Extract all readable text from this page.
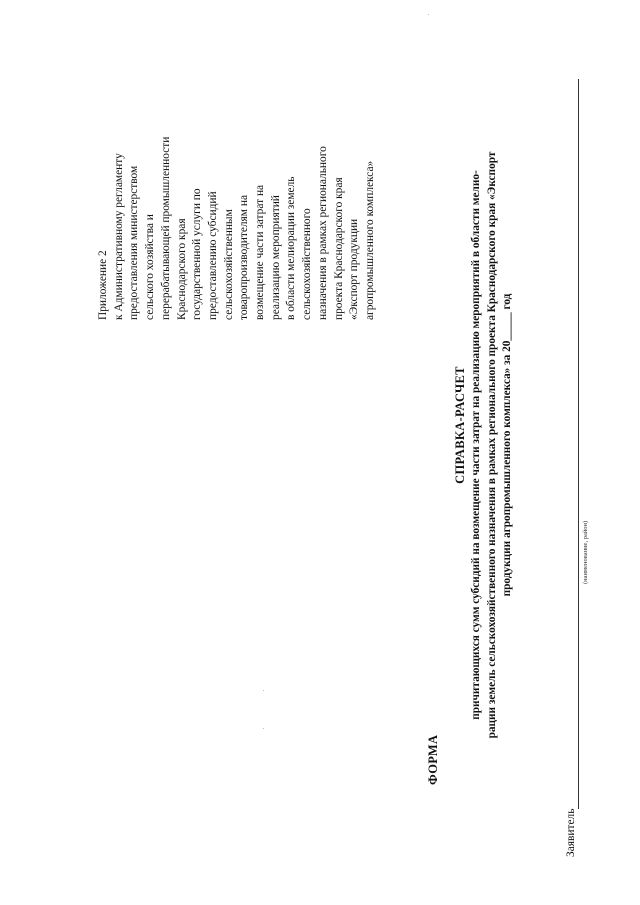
Приложение 2 к Административному регламенту предоставления министерством сельского хозяйства и перерабатывающей промышленности Краснодарского края государственной услуги по предоставлению субсидий сельскохозяйственным товаропроизводителям на возмещение части затрат на реализацию мероприятий в области мелиорации земель сельскохозяйственного назначения в рамках регионального проекта Краснодарского края «Экспорт продукции агропромышленного комплекса»
ФОРМА
СПРАВКА-РАСЧЕТ причитающихся сумм субсидий на возмещение части затрат на реализацию мероприятий в области мелио- рации земель сельскохозяйственного назначения в рамках регионального проекта Краснодарского края «Экспорт продукции агропромышленного комплекса» за 20_____ год
Заявитель
(наименование, район)
